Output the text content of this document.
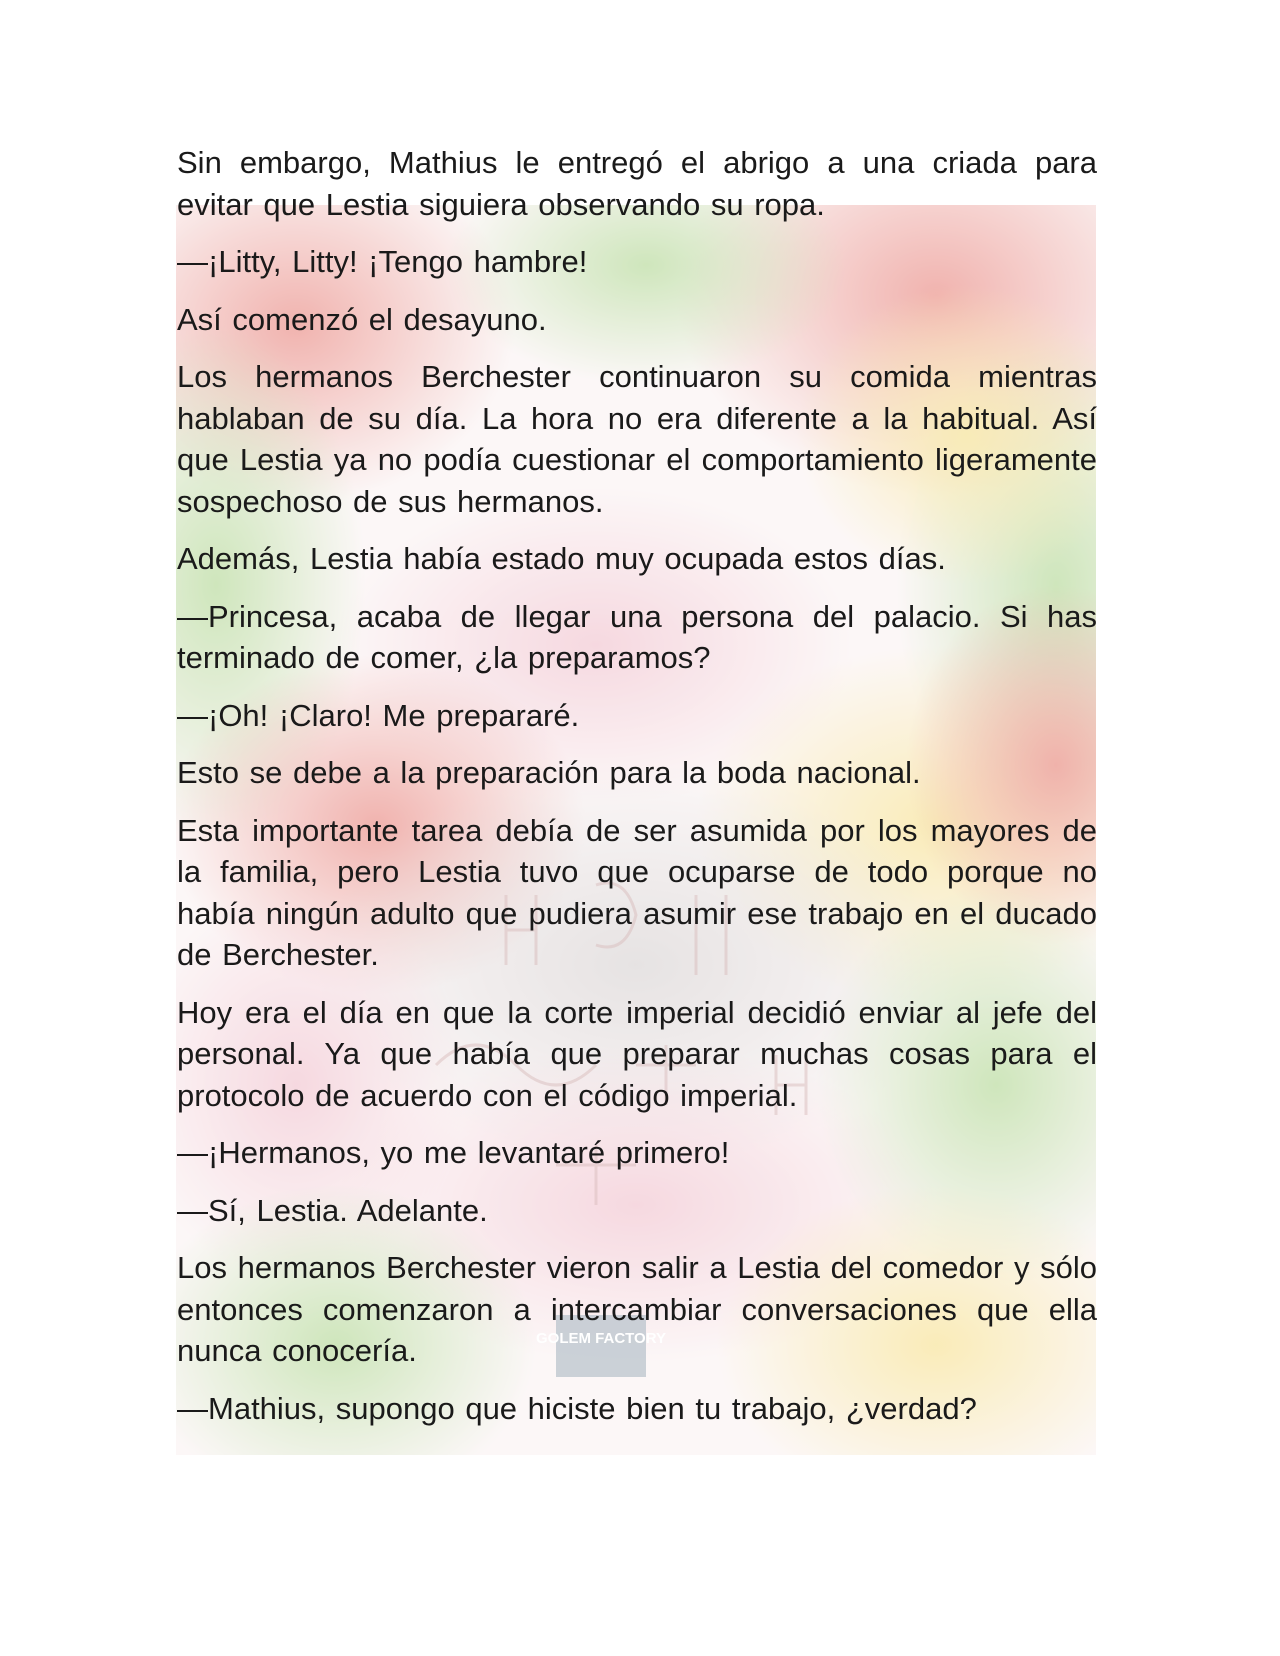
GOLEM FACTORY

Sin embargo, Mathius le entregó el abrigo a una criada para evitar que Lestia siguiera observando su ropa.

—¡Litty, Litty! ¡Tengo hambre!

Así comenzó el desayuno.

Los hermanos Berchester continuaron su comida mientras hablaban de su día. La hora no era diferente a la habitual. Así que Lestia ya no podía cuestionar el comportamiento ligeramente sospechoso de sus hermanos.

Además, Lestia había estado muy ocupada estos días.

—Princesa, acaba de llegar una persona del palacio. Si has terminado de comer, ¿la preparamos?

—¡Oh! ¡Claro! Me prepararé.

Esto se debe a la preparación para la boda nacional.

Esta importante tarea debía de ser asumida por los mayores de la familia, pero Lestia tuvo que ocuparse de todo porque no había ningún adulto que pudiera asumir ese trabajo en el ducado de Berchester.

Hoy era el día en que la corte imperial decidió enviar al jefe del personal. Ya que había que preparar muchas cosas para el protocolo de acuerdo con el código imperial.

—¡Hermanos, yo me levantaré primero!

—Sí, Lestia. Adelante.

Los hermanos Berchester vieron salir a Lestia del comedor y sólo entonces comenzaron a intercambiar conversaciones que ella nunca conocería.

—Mathius, supongo que hiciste bien tu trabajo, ¿verdad?
